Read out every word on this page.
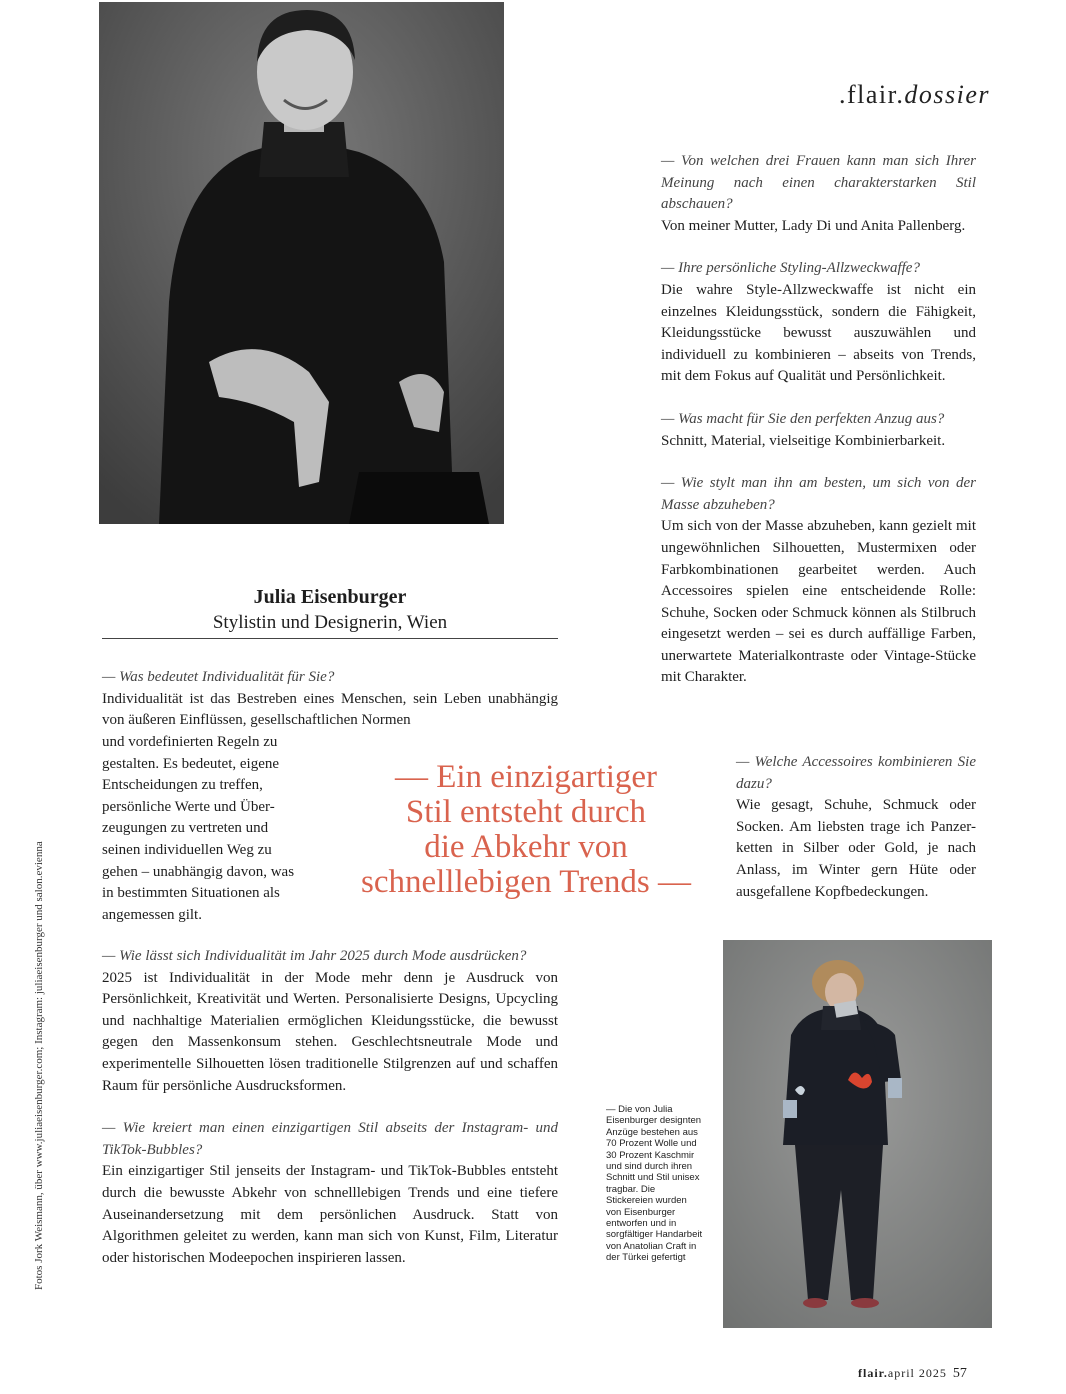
.flair.dossier

— Von welchen drei Frauen kann man sich Ihrer Meinung nach einen charakterstarken Stil abschauen?

Von meiner Mutter, Lady Di und Anita Pallenberg.

— Ihre persönliche Styling-Allzweckwaffe?

Die wahre Style-Allzweckwaffe ist nicht ein einzelnes Kleidungsstück, sondern die Fähigkeit, Kleidungsstücke bewusst auszuwählen und individuell zu kombinieren – abseits von Trends, mit dem Fokus auf Qualität und Persönlichkeit.

— Was macht für Sie den perfekten Anzug aus?

Schnitt, Material, vielseitige Kombinierbarkeit.

— Wie stylt man ihn am besten, um sich von der Masse abzuheben?

Um sich von der Masse abzuheben, kann gezielt mit ungewöhnlichen Silhouetten, Mustermixen oder Farbkombinationen gearbeitet werden. Auch Accessoires spielen eine entscheidende Rolle: Schuhe, Socken oder Schmuck können als Stilbruch eingesetzt werden – sei es durch auffällige Farben, unerwartete Materialkontraste oder Vintage-Stücke mit Charakter.

— Welche Accessoires kombinieren Sie dazu?

Wie gesagt, Schuhe, Schmuck oder Socken. Am liebsten trage ich Panzer-ketten in Silber oder Gold, je nach Anlass, im Winter gern Hüte oder ausgefallene Kopfbedeckungen.

Julia Eisenburger
Stylistin und Designerin, Wien

— Was bedeutet Individualität für Sie?

Individualität ist das Bestreben eines Menschen, sein Leben unabhängig von äußeren Einflüssen, gesellschaftlichen Normen

und vordefinierten Regeln zu

gestalten. Es bedeutet, eigene

Entscheidungen zu treffen,

persönliche Werte und Über-

zeugungen zu vertreten und

seinen individuellen Weg zu

gehen – unabhängig davon, was

in bestimmten Situationen als

angemessen gilt.

— Ein einzigartiger
Stil entsteht durch
die Abkehr von
schnelllebigen Trends —

— Wie lässt sich Individualität im Jahr 2025 durch Mode ausdrücken?

2025 ist Individualität in der Mode mehr denn je Ausdruck von Persönlichkeit, Kreativität und Werten. Personalisierte Designs, Upcycling und nachhaltige Materialien ermöglichen Kleidungsstücke, die bewusst gegen den Massenkonsum stehen. Geschlechtsneutrale Mode und experimentelle Silhouetten lösen traditionelle Stilgrenzen auf und schaffen Raum für persönliche Ausdrucksformen.

— Wie kreiert man einen einzigartigen Stil abseits der Instagram- und TikTok-Bubbles?

Ein einzigartiger Stil jenseits der Instagram- und TikTok-Bubbles entsteht durch die bewusste Abkehr von schnelllebigen Trends und eine tiefere Auseinandersetzung mit dem persönlichen Ausdruck. Statt von Algorithmen geleitet zu werden, kann man sich von Kunst, Film, Literatur oder historischen Modeepochen inspirieren lassen.

Fotos Jork Weismann, über www.juliaeisenburger.com; Instagram: juliaeisenburger und salon.evienna	— Die von Julia Eisenburger designten Anzüge bestehen aus 70 Prozent Wolle und 30 Prozent Kaschmir und sind durch ihren Schnitt und Stil unisex tragbar. Die Stickereien wurden von Eisenburger entworfen und in sorgfältiger Handarbeit von Anatolian Craft in der Türkei gefertigt
flair.april 2025 57
